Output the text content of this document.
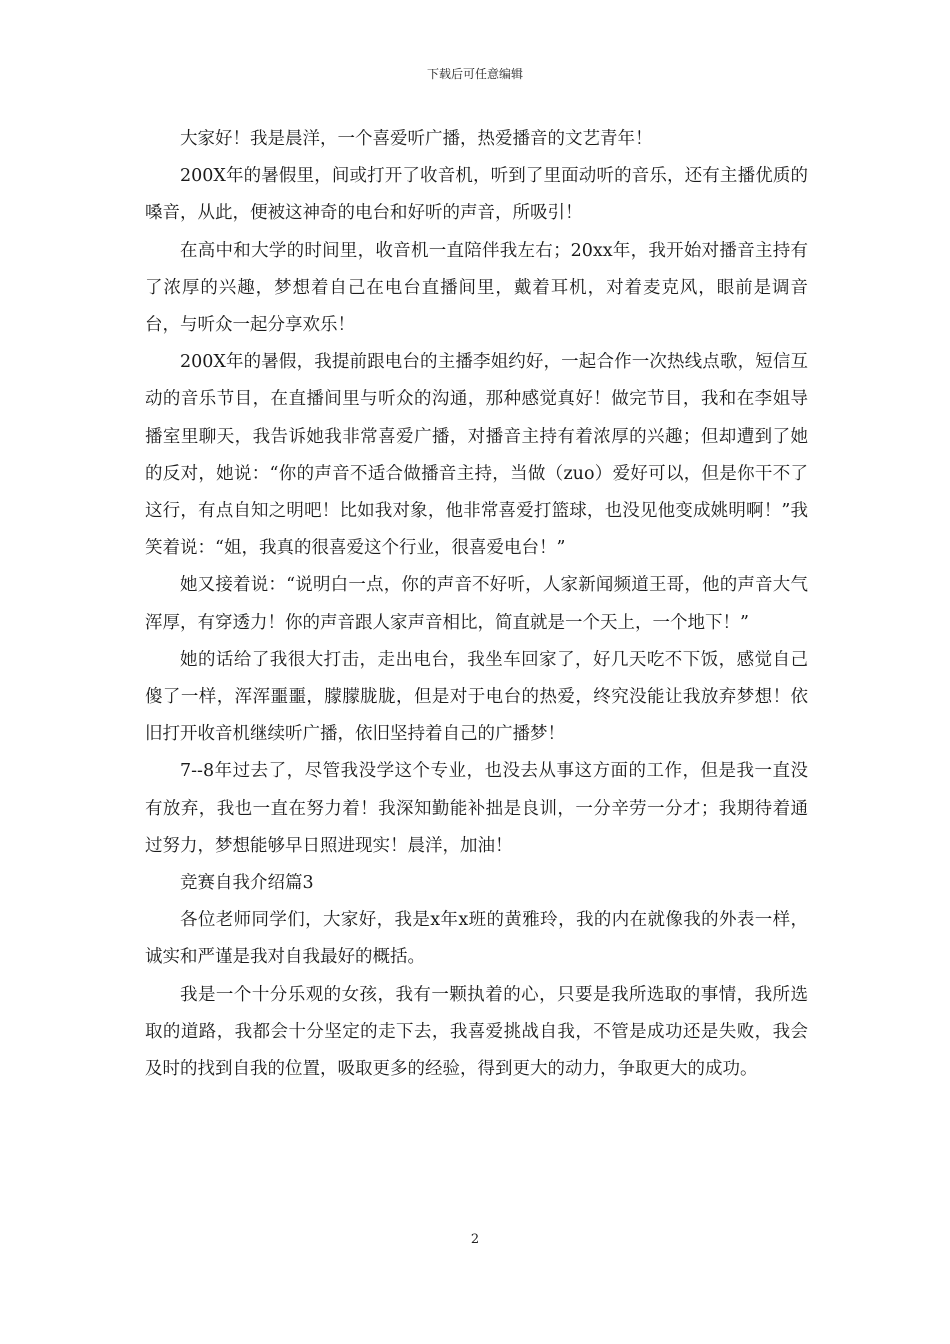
下载后可任意编辑

大家好！我是晨洋，一个喜爱听广播，热爱播音的文艺青年！

200X年的暑假里，间或打开了收音机，听到了里面动听的音乐，还有主播优质的嗓音，从此，便被这神奇的电台和好听的声音，所吸引！

在高中和大学的时间里，收音机一直陪伴我左右；20xx年，我开始对播音主持有了浓厚的兴趣，梦想着自己在电台直播间里，戴着耳机，对着麦克风，眼前是调音台，与听众一起分享欢乐！

200X年的暑假，我提前跟电台的主播李姐约好，一起合作一次热线点歌，短信互动的音乐节目，在直播间里与听众的沟通，那种感觉真好！做完节目，我和在李姐导播室里聊天，我告诉她我非常喜爱广播，对播音主持有着浓厚的兴趣；但却遭到了她的反对，她说：“你的声音不适合做播音主持，当做（zuo）爱好可以，但是你干不了这行，有点自知之明吧！比如我对象，他非常喜爱打篮球，也没见他变成姚明啊！”我笑着说：“姐，我真的很喜爱这个行业，很喜爱电台！”

她又接着说：“说明白一点，你的声音不好听，人家新闻频道王哥，他的声音大气浑厚，有穿透力！你的声音跟人家声音相比，简直就是一个天上，一个地下！”

她的话给了我很大打击，走出电台，我坐车回家了，好几天吃不下饭，感觉自己傻了一样，浑浑噩噩，朦朦胧胧，但是对于电台的热爱，终究没能让我放弃梦想！依旧打开收音机继续听广播，依旧坚持着自己的广播梦！

7--8年过去了，尽管我没学这个专业，也没去从事这方面的工作，但是我一直没有放弃，我也一直在努力着！我深知勤能补拙是良训，一分辛劳一分才；我期待着通过努力，梦想能够早日照进现实！晨洋，加油！

竞赛自我介绍篇3

各位老师同学们，大家好，我是x年x班的黄雅玲，我的内在就像我的外表一样，诚实和严谨是我对自我最好的概括。

我是一个十分乐观的女孩，我有一颗执着的心，只要是我所选取的事情，我所选取的道路，我都会十分坚定的走下去，我喜爱挑战自我，不管是成功还是失败，我会及时的找到自我的位置，吸取更多的经验，得到更大的动力，争取更大的成功。

2
